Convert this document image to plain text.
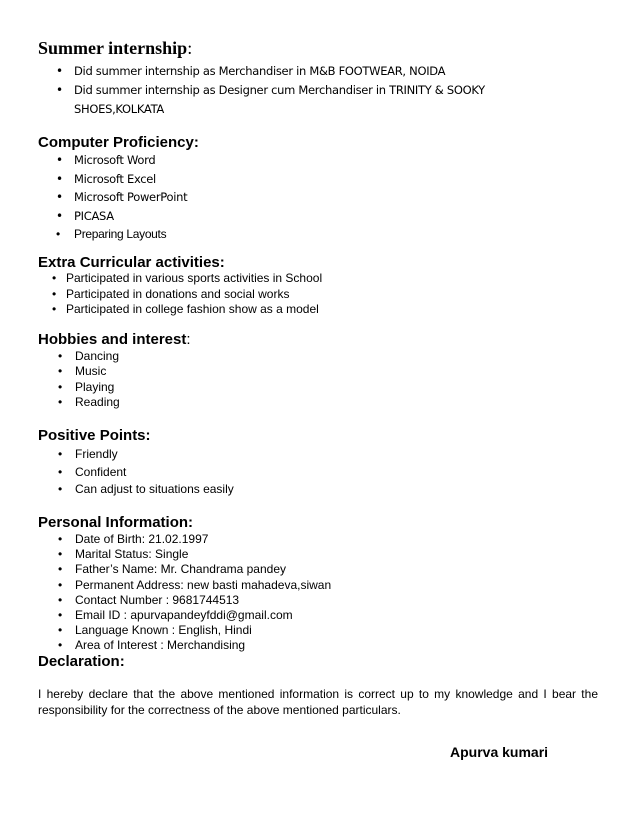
Summer internship:
• Did summer internship as Merchandiser in M&B FOOTWEAR, NOIDA
• Did summer internship as Designer cum Merchandiser in TRINITY & SOOKY
SHOES,KOLKATA
Computer Proficiency:
• Microsoft Word
• Microsoft Excel
• Microsoft PowerPoint
• PICASA
• Preparing Layouts
Extra Curricular activities:
• Participated in various sports activities in School
• Participated in donations and social works
• Participated in college fashion show as a model
Hobbies and interest:
• Dancing
• Music
• Playing
• Reading
Positive Points:
• Friendly
• Confident
• Can adjust to situations easily
Personal Information:
• Date of Birth: 21.02.1997
• Marital Status: Single
• Father’s Name: Mr. Chandrama pandey
• Permanent Address: new basti mahadeva,siwan
• Contact Number : 9681744513
• Email ID : apurvapandeyfddi@gmail.com
• Language Known : English, Hindi
• Area of Interest : Merchandising
Declaration:

I hereby declare that the above mentioned information is correct up to my knowledge and I bear the responsibility for the correctness of the above mentioned particulars.

Apurva kumari
